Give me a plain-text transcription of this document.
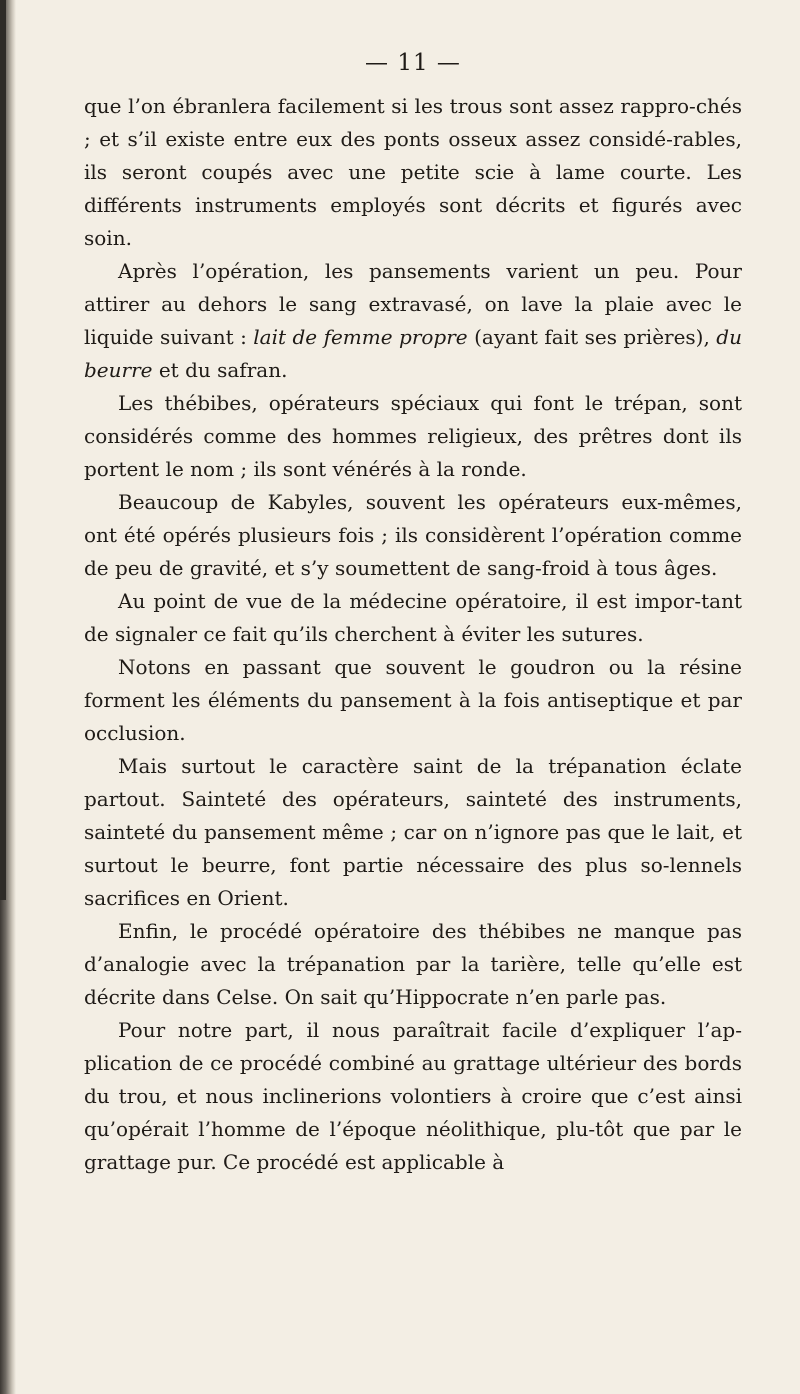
— 11 —

que l’on ébranlera facilement si les trous sont assez rappro-chés ; et s’il existe entre eux des ponts osseux assez considé-rables, ils seront coupés avec une petite scie à lame courte. Les différents instruments employés sont décrits et figurés avec soin.

Après l’opération, les pansements varient un peu. Pour attirer au dehors le sang extravasé, on lave la plaie avec le liquide suivant : lait de femme propre (ayant fait ses prières), du beurre et du safran.

Les thébibes, opérateurs spéciaux qui font le trépan, sont considérés comme des hommes religieux, des prêtres dont ils portent le nom ; ils sont vénérés à la ronde.

Beaucoup de Kabyles, souvent les opérateurs eux-mêmes, ont été opérés plusieurs fois ; ils considèrent l’opération comme de peu de gravité, et s’y soumettent de sang-froid à tous âges.

Au point de vue de la médecine opératoire, il est impor-tant de signaler ce fait qu’ils cherchent à éviter les sutures.

Notons en passant que souvent le goudron ou la résine forment les éléments du pansement à la fois antiseptique et par occlusion.

Mais surtout le caractère saint de la trépanation éclate partout. Sainteté des opérateurs, sainteté des instruments, sainteté du pansement même ; car on n’ignore pas que le lait, et surtout le beurre, font partie nécessaire des plus so-lennels sacrifices en Orient.

Enfin, le procédé opératoire des thébibes ne manque pas d’analogie avec la trépanation par la tarière, telle qu’elle est décrite dans Celse. On sait qu’Hippocrate n’en parle pas.

Pour notre part, il nous paraîtrait facile d’expliquer l’ap-plication de ce procédé combiné au grattage ultérieur des bords du trou, et nous inclinerions volontiers à croire que c’est ainsi qu’opérait l’homme de l’époque néolithique, plu-tôt que par le grattage pur. Ce procédé est applicable à
